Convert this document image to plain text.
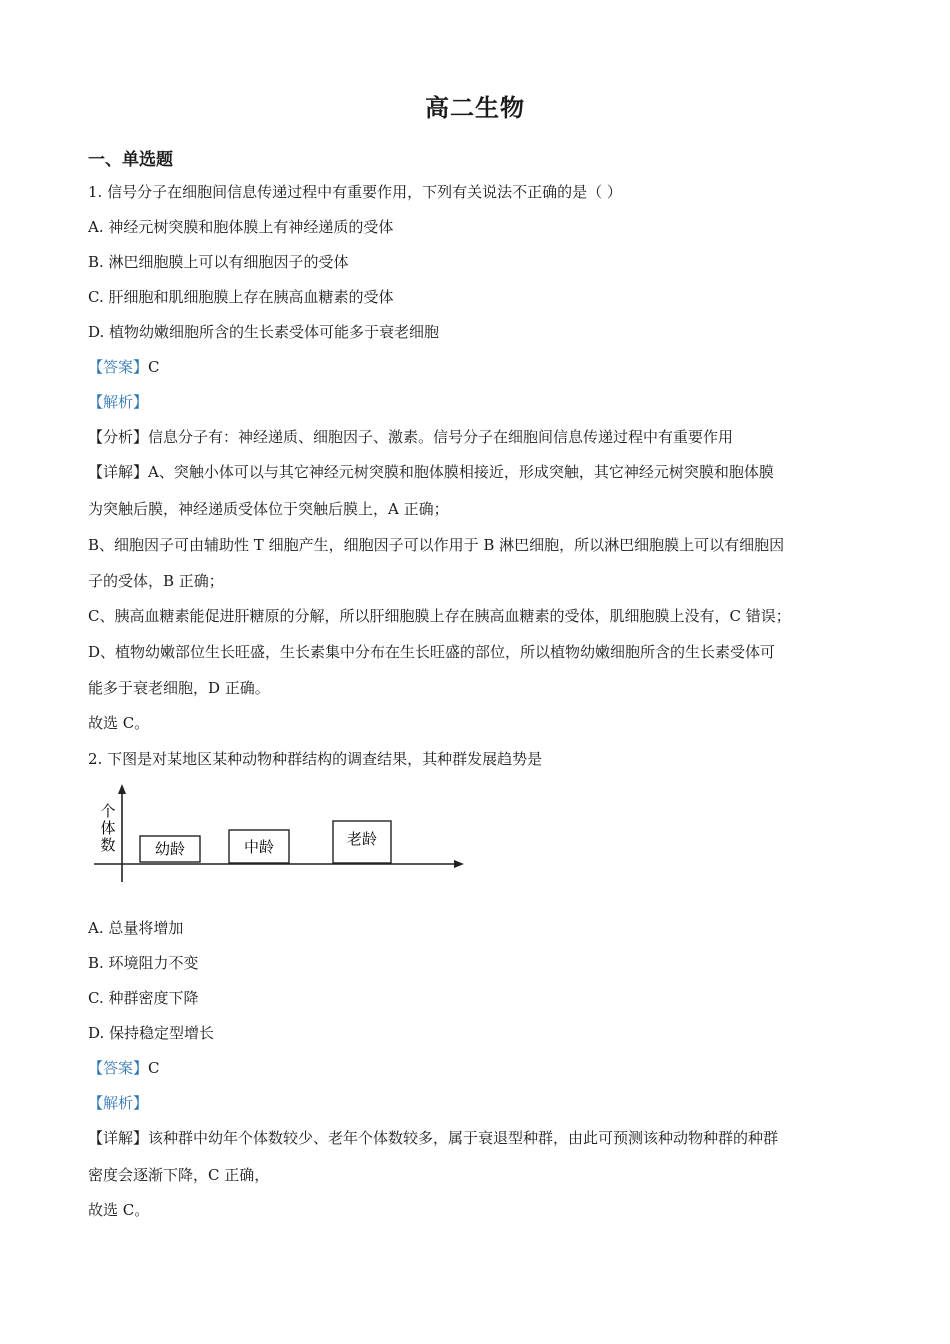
高二生物
一、单选题
1. 信号分子在细胞间信息传递过程中有重要作用，下列有关说法不正确的是（ ）
A. 神经元树突膜和胞体膜上有神经递质的受体
B. 淋巴细胞膜上可以有细胞因子的受体
C. 肝细胞和肌细胞膜上存在胰高血糖素的受体
D. 植物幼嫩细胞所含的生长素受体可能多于衰老细胞
【答案】C
【解析】
【分析】信息分子有：神经递质、细胞因子、激素。信号分子在细胞间信息传递过程中有重要作用
【详解】A、突触小体可以与其它神经元树突膜和胞体膜相接近，形成突触，其它神经元树突膜和胞体膜
为突触后膜，神经递质受体位于突触后膜上，A 正确；
B、细胞因子可由辅助性 T 细胞产生，细胞因子可以作用于 B 淋巴细胞，所以淋巴细胞膜上可以有细胞因
子的受体，B 正确；
C、胰高血糖素能促进肝糖原的分解，所以肝细胞膜上存在胰高血糖素的受体，肌细胞膜上没有，C 错误；
D、植物幼嫩部位生长旺盛，生长素集中分布在生长旺盛的部位，所以植物幼嫩细胞所含的生长素受体可
能多于衰老细胞，D 正确。
故选 C。
2. 下图是对某地区某种动物种群结构的调查结果，其种群发展趋势是
个
体
数	幼龄	中龄	老龄
A. 总量将增加
B. 环境阻力不变
C. 种群密度下降
D. 保持稳定型增长
【答案】C
【解析】
【详解】该种群中幼年个体数较少、老年个体数较多，属于衰退型种群，由此可预测该种动物种群的种群
密度会逐渐下降，C 正确，
故选 C。
